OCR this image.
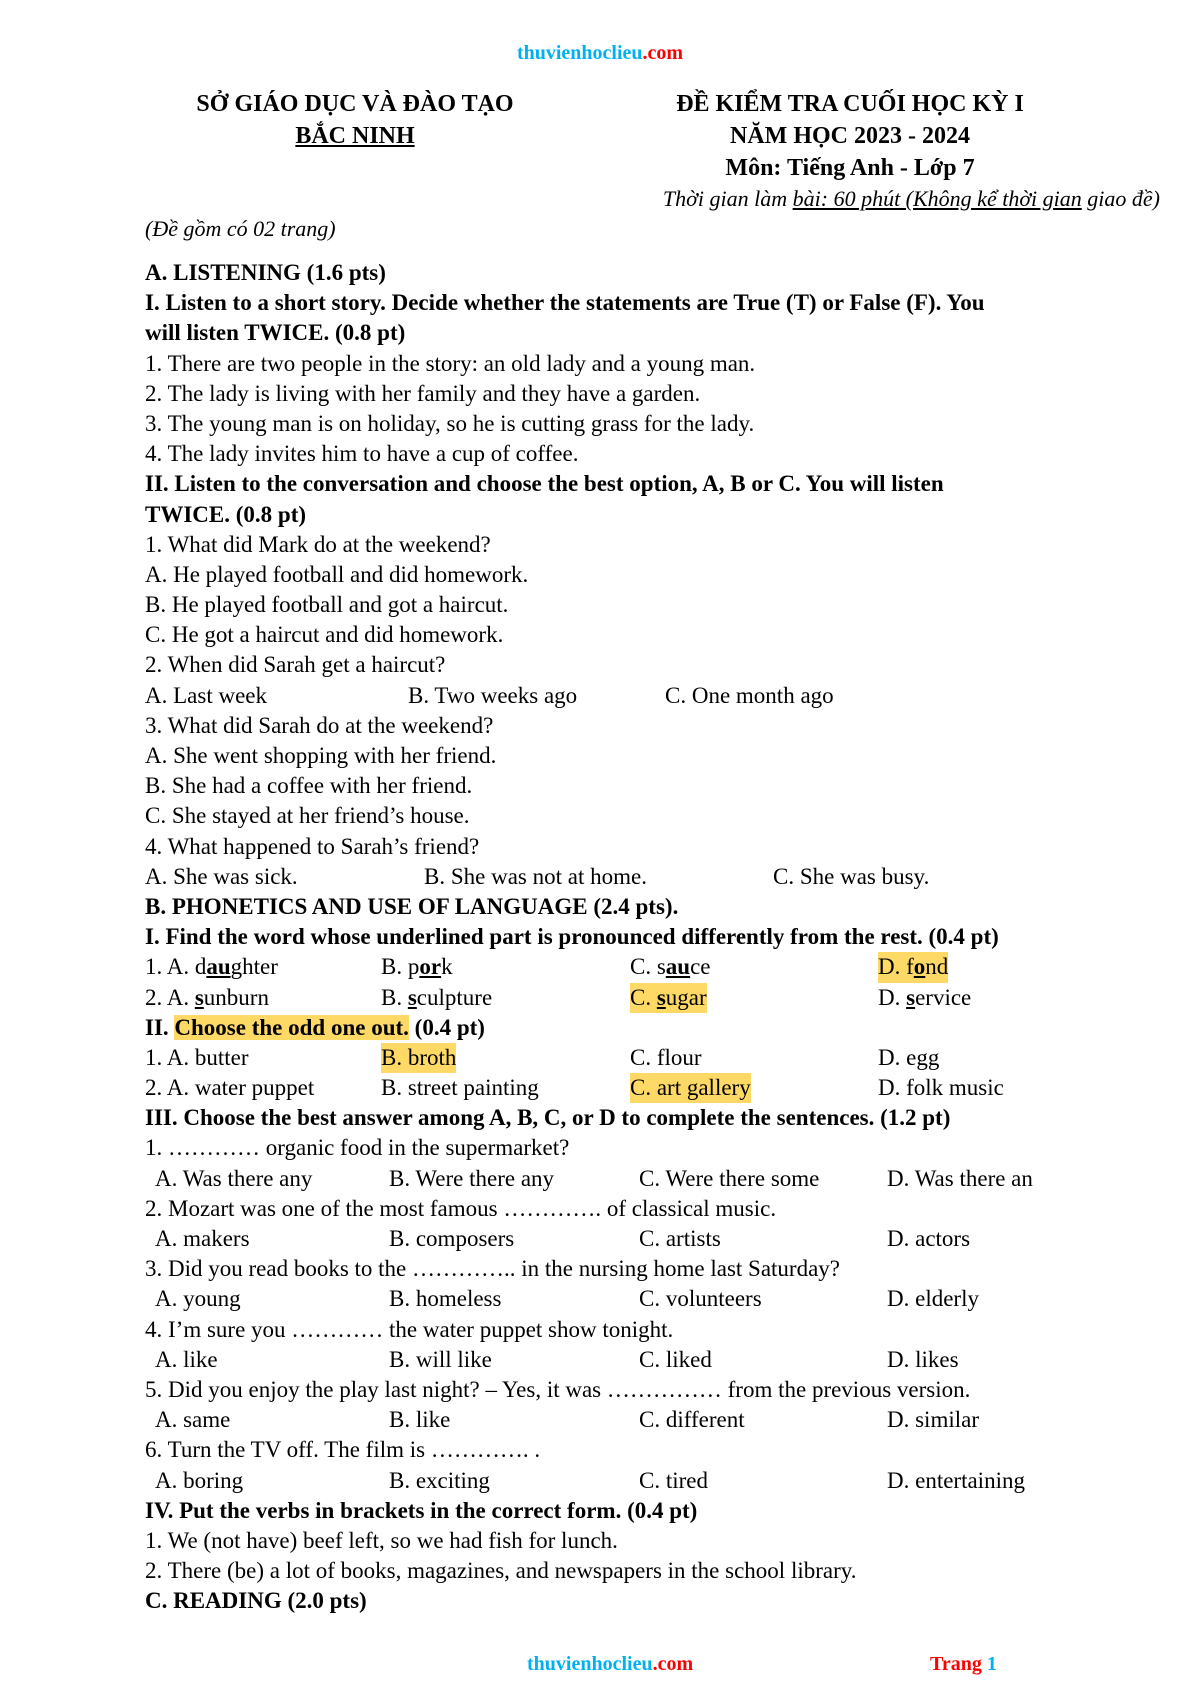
thuvienhoclieu.com
SỞ GIÁO DỤC VÀ ĐÀO TẠO
BẮC NINH
ĐỀ KIỂM TRA CUỐI HỌC KỲ I
NĂM HỌC 2023 - 2024
Môn: Tiếng Anh - Lớp 7
Thời gian làm bài: 60 phút (Không kể thời gian giao đề)
(Đề gồm có 02 trang)
A. LISTENING (1.6 pts)
I. Listen to a short story. Decide whether the statements are True (T) or False (F). You
will listen TWICE. (0.8 pt)
1. There are two people in the story: an old lady and a young man.
2. The lady is living with her family and they have a garden.
3. The young man is on holiday, so he is cutting grass for the lady.
4. The lady invites him to have a cup of coffee.
II. Listen to the conversation and choose the best option, A, B or C. You will listen
TWICE. (0.8 pt)
1. What did Mark do at the weekend?
A. He played football and did homework.
B. He played football and got a haircut.
C. He got a haircut and did homework.
2. When did Sarah get a haircut?
A. Last week	B. Two weeks ago	C. One month ago
3. What did Sarah do at the weekend?
A. She went shopping with her friend.
B. She had a coffee with her friend.
C. She stayed at her friend’s house.
4. What happened to Sarah’s friend?
A. She was sick.	B. She was not at home.	C. She was busy.
B. PHONETICS AND USE OF LANGUAGE (2.4 pts).
I. Find the word whose underlined part is pronounced differently from the rest. (0.4 pt)
1. A. daughter	B. pork	C. sauce	D. fond
2. A. sunburn	B. sculpture	C. sugar	D. service
II. Choose the odd one out. (0.4 pt)
1. A. butter	B. broth	C. flour	D. egg
2. A. water puppet	B. street painting	C. art gallery	D. folk music
III. Choose the best answer among A, B, C, or D to complete the sentences. (1.2 pt)
1. ………… organic food in the supermarket?
A. Was there any	B. Were there any	C. Were there some	D. Was there an
2. Mozart was one of the most famous …………. of classical music.
A. makers	B. composers	C. artists	D. actors
3. Did you read books to the ………….. in the nursing home last Saturday?
A. young	B. homeless	C. volunteers	D. elderly
4. I’m sure you ………… the water puppet show tonight.
A. like	B. will like	C. liked	D. likes
5. Did you enjoy the play last night? – Yes, it was …………… from the previous version.
A. same	B. like	C. different	D. similar
6. Turn the TV off. The film is …………. .
A. boring	B. exciting	C. tired	D. entertaining
IV. Put the verbs in brackets in the correct form. (0.4 pt)
1. We (not have) beef left, so we had fish for lunch.
2. There (be) a lot of books, magazines, and newspapers in the school library.
C. READING (2.0 pts)
thuvienhoclieu.com	Trang 1
